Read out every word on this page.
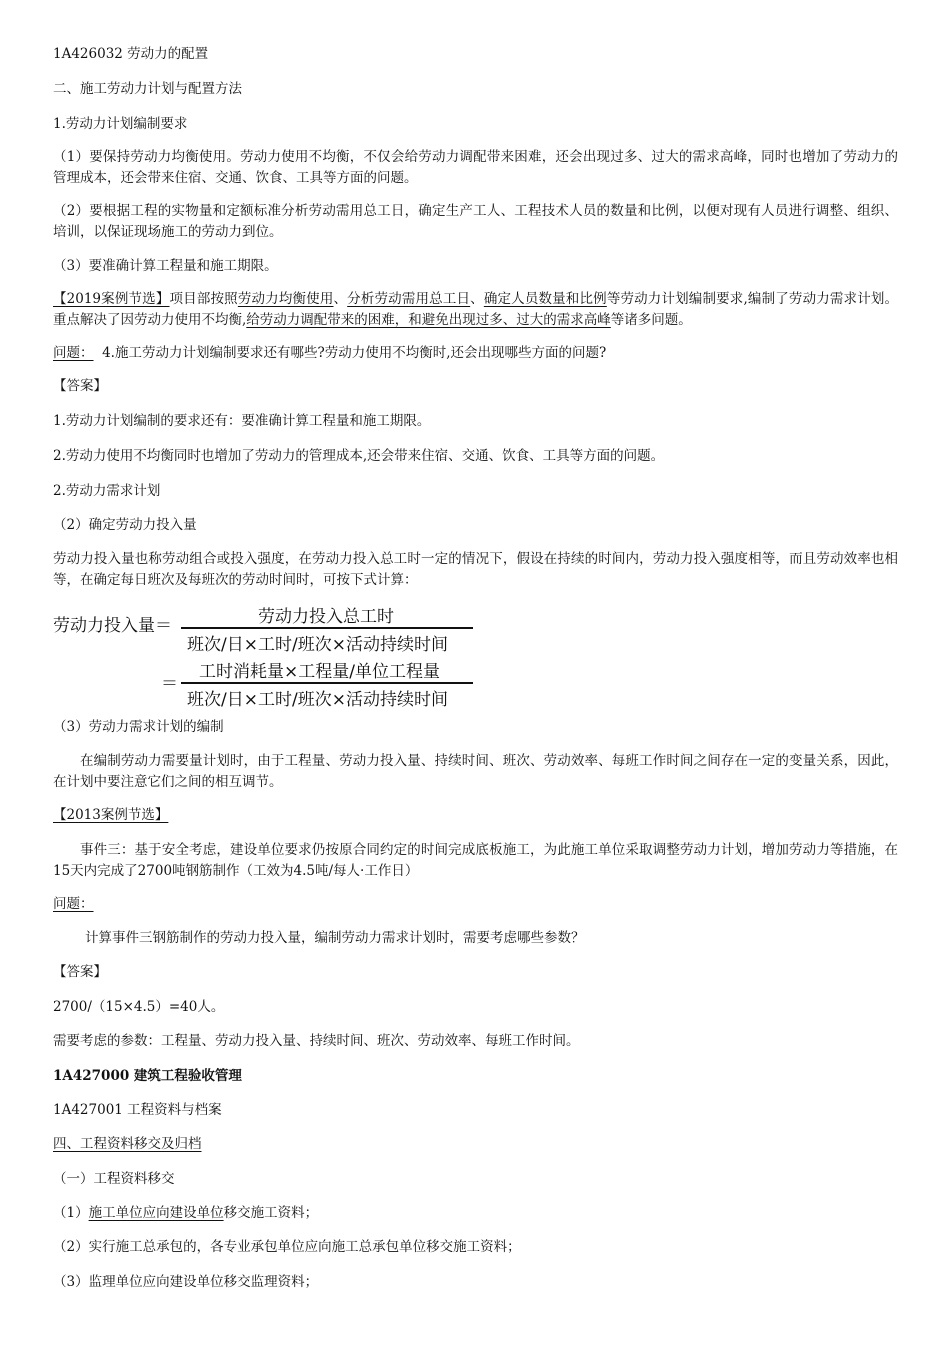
1A426032 劳动力的配置
二、施工劳动力计划与配置方法
1.劳动力计划编制要求
（1）要保持劳动力均衡使用。劳动力使用不均衡，不仅会给劳动力调配带来困难，还会出现过多、过大的需求高峰，同时也增加了劳动力的管理成本，还会带来住宿、交通、饮食、工具等方面的问题。
（2）要根据工程的实物量和定额标准分析劳动需用总工日，确定生产工人、工程技术人员的数量和比例，以便对现有人员进行调整、组织、培训，以保证现场施工的劳动力到位。
（3）要准确计算工程量和施工期限。
【2019案例节选】项目部按照劳动力均衡使用、分析劳动需用总工日、确定人员数量和比例等劳动力计划编制要求,编制了劳动力需求计划。重点解决了因劳动力使用不均衡,给劳动力调配带来的困难，和避免出现过多、过大的需求高峰等诸多问题。
问题： 4.施工劳动力计划编制要求还有哪些?劳动力使用不均衡时,还会出现哪些方面的问题?
【答案】
1.劳动力计划编制的要求还有：要准确计算工程量和施工期限。
2.劳动力使用不均衡同时也增加了劳动力的管理成本,还会带来住宿、交通、饮食、工具等方面的问题。
2.劳动力需求计划
（2）确定劳动力投入量
劳动力投入量也称劳动组合或投入强度，在劳动力投入总工时一定的情况下，假设在持续的时间内，劳动力投入强度相等，而且劳动效率也相等，在确定每日班次及每班次的劳动时间时，可按下式计算：
劳动力投入量＝	劳动力投入总工时
班次/日×工时/班次×活动持续时间
＝
工时消耗量×工程量/单位工程量
班次/日×工时/班次×活动持续时间
（3）劳动力需求计划的编制
在编制劳动力需要量计划时，由于工程量、劳动力投入量、持续时间、班次、劳动效率、每班工作时间之间存在一定的变量关系，因此，在计划中要注意它们之间的相互调节。
【2013案例节选】
事件三：基于安全考虑，建设单位要求仍按原合同约定的时间完成底板施工，为此施工单位采取调整劳动力计划，增加劳动力等措施，在15天内完成了2700吨钢筋制作（工效为4.5吨/每人·工作日）
问题：
计算事件三钢筋制作的劳动力投入量，编制劳动力需求计划时，需要考虑哪些参数？
【答案】
2700/（15×4.5）=40人。
需要考虑的参数：工程量、劳动力投入量、持续时间、班次、劳动效率、每班工作时间。
1A427000 建筑工程验收管理
1A427001 工程资料与档案
四、工程资料移交及归档
（一）工程资料移交
（1）施工单位应向建设单位移交施工资料；
（2）实行施工总承包的，各专业承包单位应向施工总承包单位移交施工资料；
（3）监理单位应向建设单位移交监理资料；
